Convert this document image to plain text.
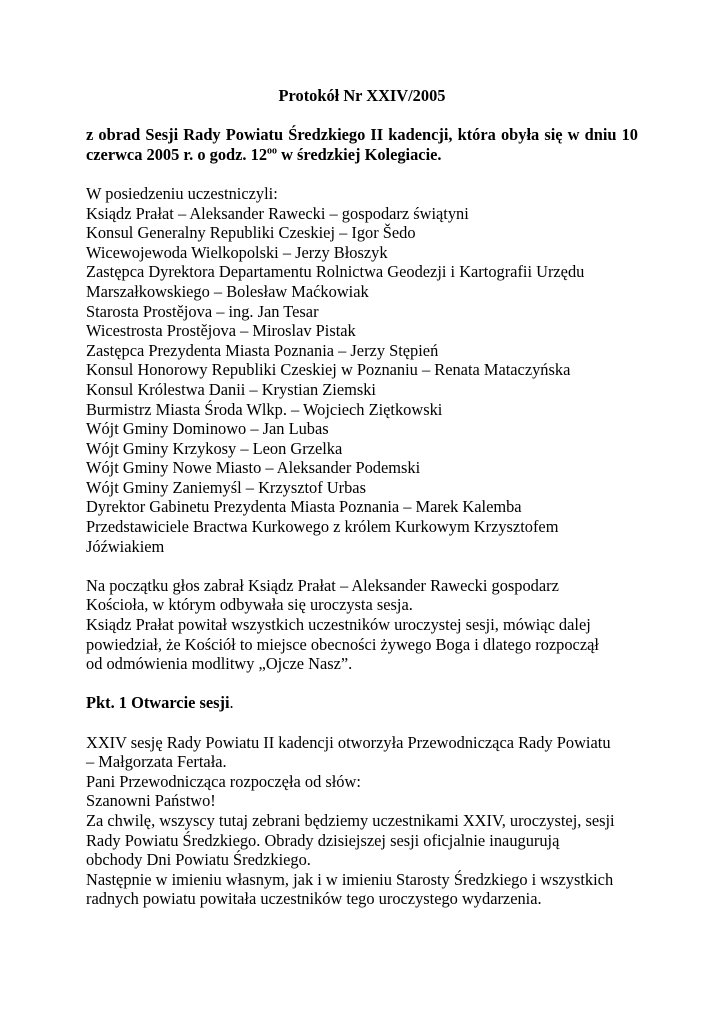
Protokół Nr XXIV/2005
z obrad Sesji Rady Powiatu Średzkiego II kadencji, która obyła się w dniu 10 czerwca 2005 r. o godz. $12^{oo}$ w średzkiej Kolegiacie.
W posiedzeniu uczestniczyli:
Ksiądz Prałat – Aleksander Rawecki – gospodarz świątyni
Konsul Generalny Republiki Czeskiej – Igor Šedo
Wicewojewoda Wielkopolski – Jerzy Błoszyk
Zastępca Dyrektora Departamentu Rolnictwa Geodezji i Kartografii Urzędu
Marszałkowskiego – Bolesław Maćkowiak
Starosta Prostějova – ing. Jan Tesar
Wicestrosta Prostějova – Miroslav Pistak
Zastępca Prezydenta Miasta Poznania – Jerzy Stępień
Konsul Honorowy Republiki Czeskiej w Poznaniu – Renata Mataczyńska
Konsul Królestwa Danii – Krystian Ziemski
Burmistrz Miasta Środa Wlkp. – Wojciech Ziętkowski
Wójt Gminy Dominowo – Jan Lubas
Wójt Gminy Krzykosy – Leon Grzelka
Wójt Gminy Nowe Miasto – Aleksander Podemski
Wójt Gminy Zaniemyśl – Krzysztof Urbas
Dyrektor Gabinetu Prezydenta Miasta Poznania – Marek Kalemba
Przedstawiciele Bractwa Kurkowego z królem Kurkowym Krzysztofem
Jóźwiakiem
Na początku głos zabrał Ksiądz Prałat – Aleksander Rawecki gospodarz
Kościoła, w którym odbywała się uroczysta sesja.
Ksiądz Prałat powitał wszystkich uczestników uroczystej sesji, mówiąc dalej
powiedział, że Kościół to miejsce obecności żywego Boga i dlatego rozpoczął
od odmówienia modlitwy „Ojcze Nasz”.
Pkt. 1 Otwarcie sesji.
XXIV sesję Rady Powiatu II kadencji otworzyła Przewodnicząca Rady Powiatu
– Małgorzata Fertała.
Pani Przewodnicząca rozpoczęła od słów:
Szanowni Państwo!
Za chwilę, wszyscy tutaj zebrani będziemy uczestnikami XXIV, uroczystej, sesji
Rady Powiatu Średzkiego. Obrady dzisiejszej sesji oficjalnie inaugurują
obchody Dni Powiatu Średzkiego.
Następnie w imieniu własnym, jak i w imieniu Starosty Średzkiego i wszystkich
radnych powiatu powitała uczestników tego uroczystego wydarzenia.
